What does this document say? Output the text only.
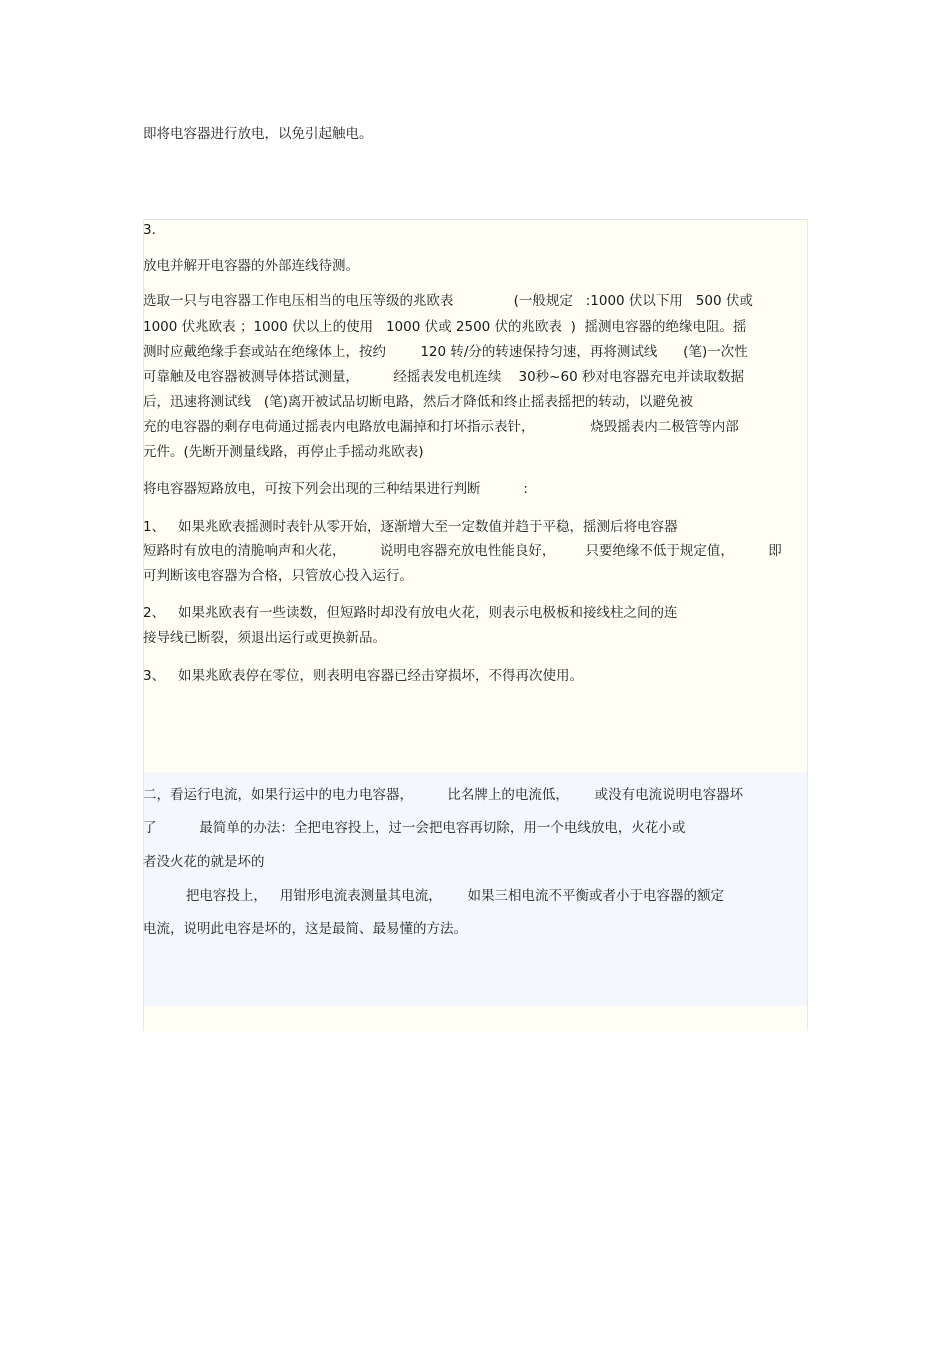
即将电容器进行放电，以免引起触电。

3.

放电并解开电容器的外部连线待测。

选取一只与电容器工作电压相当的电压等级的兆欧表              (一般规定   :1000 伏以下用   500 伏或

1000 伏兆欧表 ；1000 伏以上的使用   1000 伏或 2500 伏的兆欧表  )  摇测电容器的绝缘电阻。摇

测时应戴绝缘手套或站在绝缘体上，按约        120 转/分的转速保持匀速，再将测试线      (笔)一次性

可靠触及电容器被测导体搭试测量，        经摇表发电机连续    30秒~60 秒对电容器充电并读取数据

后，迅速将测试线   (笔)离开被试品切断电路，然后才降低和终止摇表摇把的转动，以避免被

充的电容器的剩存电荷通过摇表内电路放电漏掉和打坏指示表针，             烧毁摇表内二极管等内部

元件。(先断开测量线路，再停止手摇动兆欧表)

将电容器短路放电，可按下列会出现的三种结果进行判断          :

1、 如果兆欧表摇测时表针从零开始，逐渐增大至一定数值并趋于平稳，摇测后将电容器

短路时有放电的清脆响声和火花，        说明电容器充放电性能良好，       只要绝缘不低于规定值，        即

可判断该电容器为合格，只管放心投入运行。

2、 如果兆欧表有一些读数，但短路时却没有放电火花，则表示电极板和接线柱之间的连

接导线已断裂，须退出运行或更换新品。

3、 如果兆欧表停在零位，则表明电容器已经击穿损坏，不得再次使用。

二，看运行电流，如果行运中的电力电容器，        比名牌上的电流低，      或没有电流说明电容器坏

了          最简单的办法：全把电容投上，过一会把电容再切除，用一个电线放电，火花小或

者没火花的就是坏的

把电容投上，   用钳形电流表测量其电流，      如果三相电流不平衡或者小于电容器的额定

电流，说明此电容是坏的，这是最简、最易懂的方法。
